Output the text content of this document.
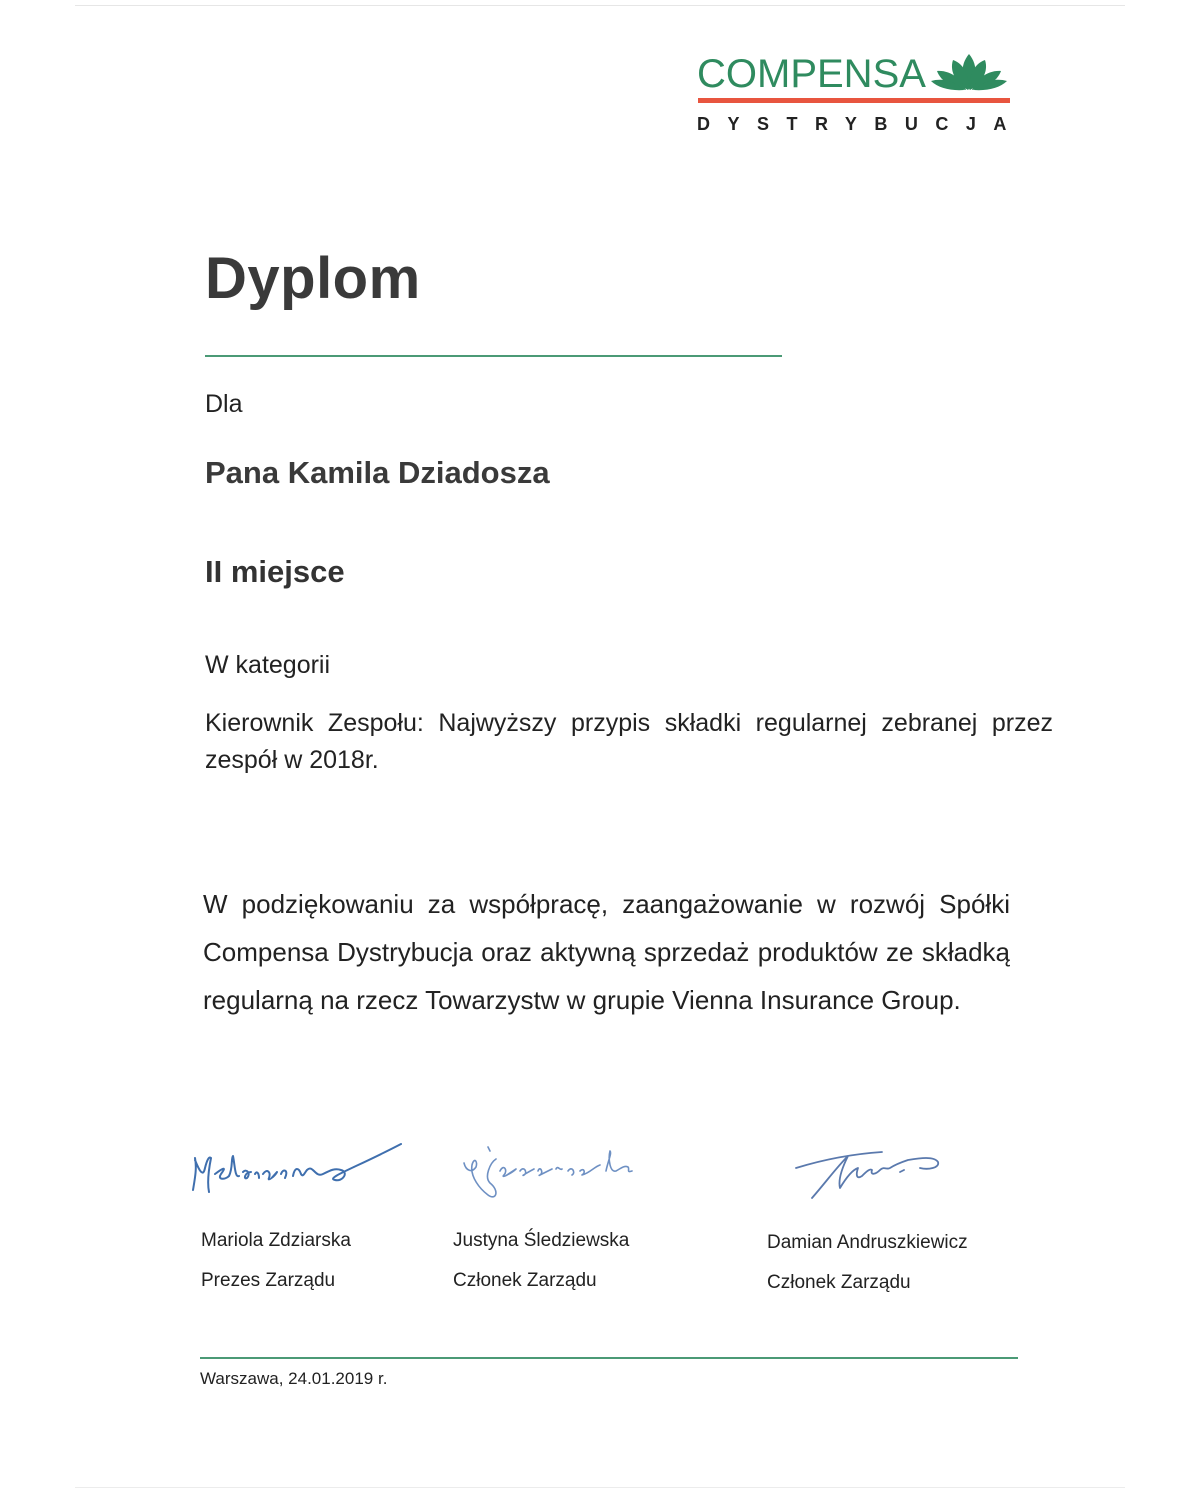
COMPENSA
DYSTRYBUCJA
Dyplom
Dla
Pana Kamila Dziadosza
II miejsce
W kategorii
Kierownik Zespołu: Najwyższy przypis składki regularnej zebranej przez zespół w 2018r.
W podziękowaniu za współpracę, zaangażowanie w rozwój Spółki Compensa Dystrybucja oraz aktywną sprzedaż produktów ze składką regularną na rzecz Towarzystw w grupie Vienna Insurance Group.
Mariola Zdziarska
Prezes Zarządu
Justyna Śledziewska
Członek Zarządu
Damian Andruszkiewicz
Członek Zarządu
Warszawa, 24.01.2019 r.
